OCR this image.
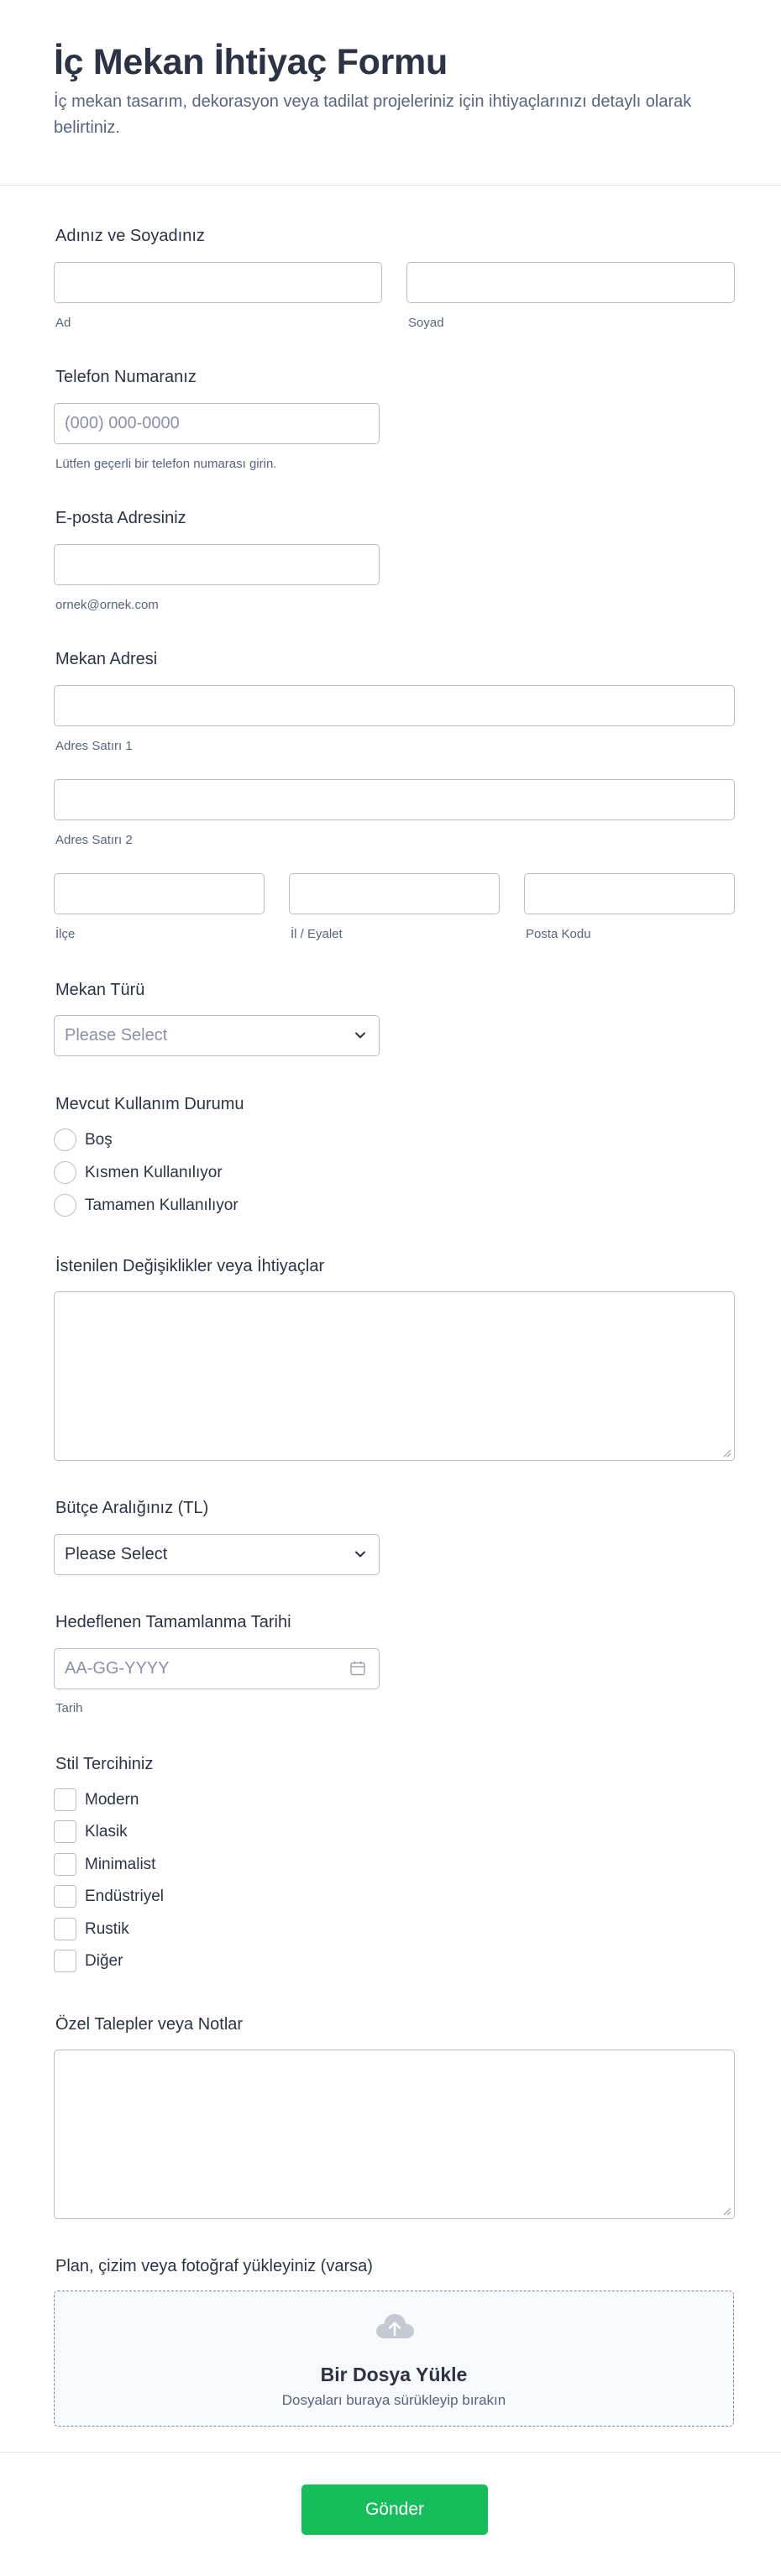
İç Mekan İhtiyaç Formu

İç mekan tasarım, dekorasyon veya tadilat projeleriniz için ihtiyaçlarınızı detaylı olarak belirtiniz.

Adınız ve Soyadınız
Ad	Soyad
Telefon Numaranız
(000) 000-0000
Lütfen geçerli bir telefon numarası girin.
E-posta Adresiniz
ornek@ornek.com
Mekan Adresi
Adres Satırı 1
Adres Satırı 2
İlçe	İl / Eyalet	Posta Kodu
Mekan Türü
Please Select
Mevcut Kullanım Durumu
Boş
Kısmen Kullanılıyor
Tamamen Kullanılıyor
İstenilen Değişiklikler veya İhtiyaçlar
Bütçe Aralığınız (TL)
Please Select
Hedeflenen Tamamlanma Tarihi
AA-GG-YYYY
Tarih
Stil Tercihiniz
Modern
Klasik
Minimalist
Endüstriyel
Rustik
Diğer
Özel Talepler veya Notlar
Plan, çizim veya fotoğraf yükleyiniz (varsa)
Bir Dosya Yükle
Dosyaları buraya sürükleyip bırakın
Gönder
